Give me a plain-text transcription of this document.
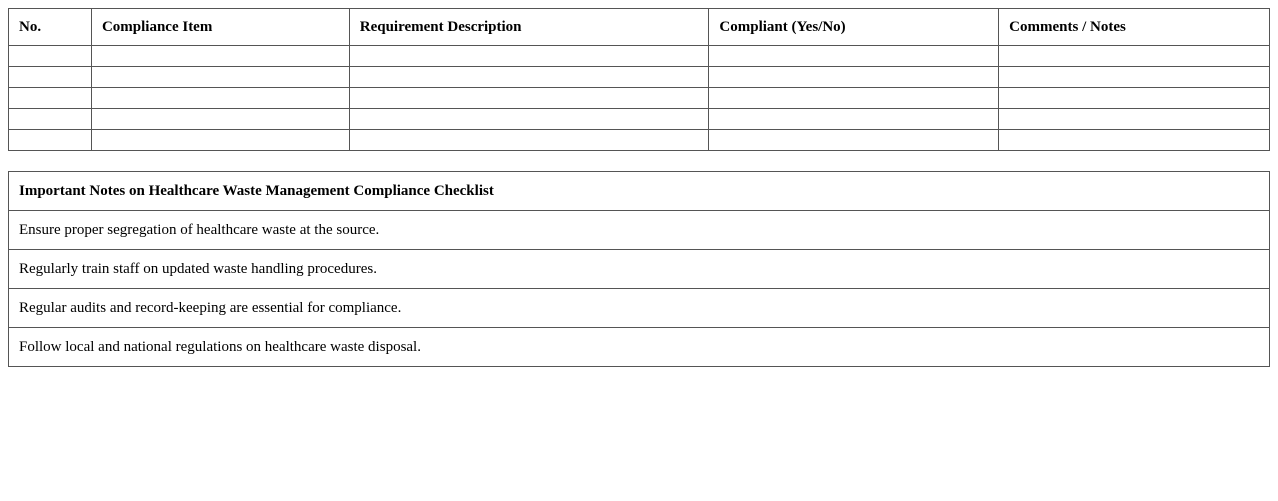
No.	Compliance Item	Requirement Description	Compliant (Yes/No)	Comments / Notes

Important Notes on Healthcare Waste Management Compliance Checklist
Ensure proper segregation of healthcare waste at the source.
Regularly train staff on updated waste handling procedures.
Regular audits and record-keeping are essential for compliance.
Follow local and national regulations on healthcare waste disposal.
